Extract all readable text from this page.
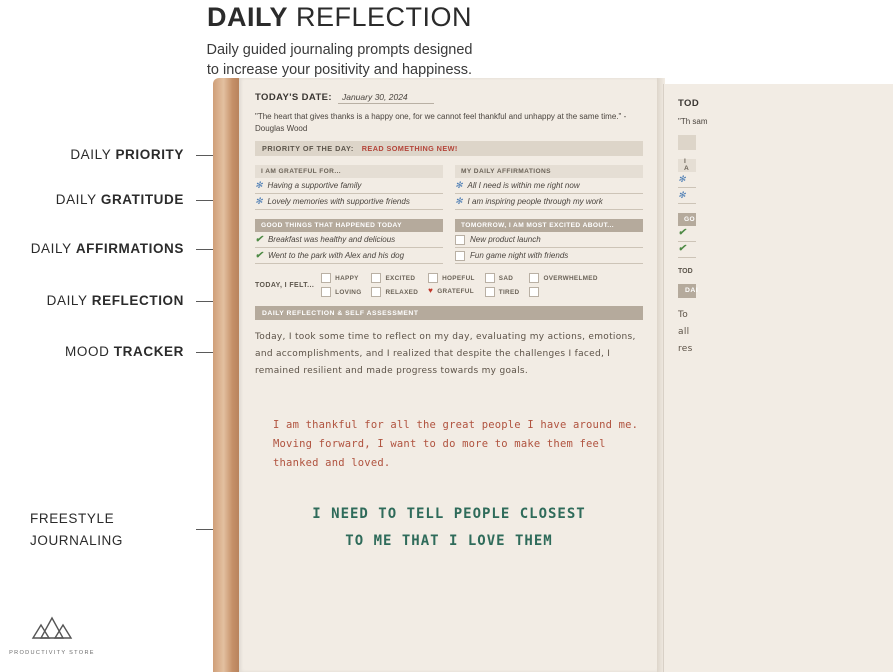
DAILY REFLECTION
Daily guided journaling prompts designed
to increase your positivity and happiness.
DAILY PRIORITY
DAILY GRATITUDE
DAILY AFFIRMATIONS
DAILY REFLECTION
MOOD TRACKER
FREESTYLE
JOURNALING
TODAY'S DATE:	January 30, 2024
"The heart that gives thanks is a happy one, for we cannot feel thankful and unhappy at the same time." - Douglas Wood
PRIORITY OF THE DAY: READ SOMETHING NEW!
I AM GRATEFUL FOR...
✻ Having a supportive family
✻ Lovely memories with supportive friends
MY DAILY AFFIRMATIONS
✻ All I need is within me right now
✻ I am inspiring people through my work
GOOD THINGS THAT HAPPENED TODAY
✔ Breakfast was healthy and delicious
✔ Went to the park with Alex and his dog
TOMORROW, I AM MOST EXCITED ABOUT...
New product launch
Fun game night with friends
TODAY, I FELT...
HAPPY
LOVING
EXCITED
RELAXED
HOPEFUL
♥ GRATEFUL
SAD
TIRED
OVERWHELMED
DAILY REFLECTION & SELF ASSESSMENT
Today, I took some time to reflect on my day, evaluating my actions, emotions, and accomplishments, and I realized that despite the challenges I faced, I remained resilient and made progress towards my goals.
I am thankful for all the great people I have around me. Moving forward, I want to do more to make them feel thanked and loved.
I NEED TO TELL PEOPLE CLOSEST
TO ME THAT I LOVE THEM
TOD
"Th sam
I A
✻
✻
GO
✔
✔
TOD
DAI
To all res
PRODUCTIVITY STORE
